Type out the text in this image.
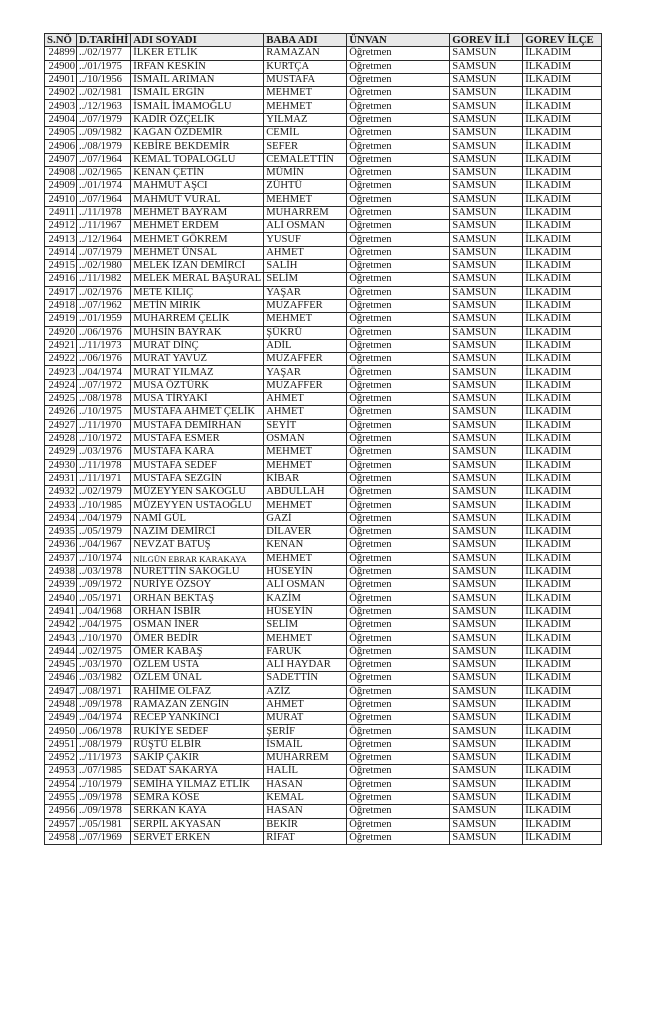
S.NÖ	D.TARİHİ	ADI SOYADI	BABA ADI	ÜNVAN	GOREV İLİ	GOREV İLÇE
24899	../02/1977	İLKER ETLİK	RAMAZAN	Öğretmen	SAMSUN	İLKADIM
24900	../01/1975	İRFAN KESKİN	KURTÇA	Öğretmen	SAMSUN	İLKADIM
24901	../10/1956	İSMAİL ARIMAN	MUSTAFA	Öğretmen	SAMSUN	İLKADIM
24902	../02/1981	İSMAİL ERGİN	MEHMET	Öğretmen	SAMSUN	İLKADIM
24903	../12/1963	İSMAİL İMAMOĞLU	MEHMET	Öğretmen	SAMSUN	İLKADIM
24904	../07/1979	KADİR ÖZÇELİK	YILMAZ	Öğretmen	SAMSUN	İLKADIM
24905	../09/1982	KAĞAN ÖZDEMİR	CEMİL	Öğretmen	SAMSUN	İLKADIM
24906	../08/1979	KEBİRE BEKDEMİR	SEFER	Öğretmen	SAMSUN	İLKADIM
24907	../07/1964	KEMAL TOPALOĞLU	CEMALETTİN	Öğretmen	SAMSUN	İLKADIM
24908	../02/1965	KENAN ÇETİN	MÜMİN	Öğretmen	SAMSUN	İLKADIM
24909	../01/1974	MAHMUT AŞCI	ZÜHTÜ	Öğretmen	SAMSUN	İLKADIM
24910	../07/1964	MAHMUT VURAL	MEHMET	Öğretmen	SAMSUN	İLKADIM
24911	../11/1978	MEHMET BAYRAM	MUHARREM	Öğretmen	SAMSUN	İLKADIM
24912	../11/1967	MEHMET ERDEM	ALİ OSMAN	Öğretmen	SAMSUN	İLKADIM
24913	../12/1964	MEHMET GÖKREM	YUSUF	Öğretmen	SAMSUN	İLKADIM
24914	../07/1979	MEHMET ÜNSAL	AHMET	Öğretmen	SAMSUN	İLKADIM
24915	../02/1980	MELEK İZAN DEMİRCİ	SALİH	Öğretmen	SAMSUN	İLKADIM
24916	../11/1982	MELEK MERAL BAŞURAL	SELİM	Öğretmen	SAMSUN	İLKADIM
24917	../02/1976	METE KILIÇ	YAŞAR	Öğretmen	SAMSUN	İLKADIM
24918	../07/1962	METİN MIRIK	MUZAFFER	Öğretmen	SAMSUN	İLKADIM
24919	../01/1959	MUHARREM ÇELİK	MEHMET	Öğretmen	SAMSUN	İLKADIM
24920	../06/1976	MUHSİN BAYRAK	ŞÜKRÜ	Öğretmen	SAMSUN	İLKADIM
24921	../11/1973	MURAT DİNÇ	ADİL	Öğretmen	SAMSUN	İLKADIM
24922	../06/1976	MURAT YAVUZ	MUZAFFER	Öğretmen	SAMSUN	İLKADIM
24923	../04/1974	MURAT YILMAZ	YAŞAR	Öğretmen	SAMSUN	İLKADIM
24924	../07/1972	MUSA ÖZTÜRK	MUZAFFER	Öğretmen	SAMSUN	İLKADIM
24925	../08/1978	MUSA TİRYAKİ	AHMET	Öğretmen	SAMSUN	İLKADIM
24926	../10/1975	MUSTAFA AHMET ÇELİK	AHMET	Öğretmen	SAMSUN	İLKADIM
24927	../11/1970	MUSTAFA DEMİRHAN	SEYİT	Öğretmen	SAMSUN	İLKADIM
24928	../10/1972	MUSTAFA ESMER	OSMAN	Öğretmen	SAMSUN	İLKADIM
24929	../03/1976	MUSTAFA KARA	MEHMET	Öğretmen	SAMSUN	İLKADIM
24930	../11/1978	MUSTAFA SEDEF	MEHMET	Öğretmen	SAMSUN	İLKADIM
24931	../11/1971	MUSTAFA SEZGİN	KİBAR	Öğretmen	SAMSUN	İLKADIM
24932	../02/1979	MÜZEYYEN SAKOĞLU	ABDULLAH	Öğretmen	SAMSUN	İLKADIM
24933	../10/1985	MÜZEYYEN USTAOĞLU	MEHMET	Öğretmen	SAMSUN	İLKADIM
24934	../04/1979	NAMİ GÜL	GAZİ	Öğretmen	SAMSUN	İLKADIM
24935	../05/1979	NAZIM DEMİRCİ	DİLAVER	Öğretmen	SAMSUN	İLKADIM
24936	../04/1967	NEVZAT BATUŞ	KENAN	Öğretmen	SAMSUN	İLKADIM
24937	../10/1974	NİLGÜN EBRAR KARAKAYA	MEHMET	Öğretmen	SAMSUN	İLKADIM
24938	../03/1978	NURETTİN SAKOĞLU	HÜSEYİN	Öğretmen	SAMSUN	İLKADIM
24939	../09/1972	NURİYE ÖZSOY	ALİ OSMAN	Öğretmen	SAMSUN	İLKADIM
24940	../05/1971	ORHAN BEKTAŞ	KAZİM	Öğretmen	SAMSUN	İLKADIM
24941	../04/1968	ORHAN İSBİR	HÜSEYİN	Öğretmen	SAMSUN	İLKADIM
24942	../04/1975	OSMAN İNER	SELİM	Öğretmen	SAMSUN	İLKADIM
24943	../10/1970	ÖMER BEDİR	MEHMET	Öğretmen	SAMSUN	İLKADIM
24944	../02/1975	ÖMER KABAŞ	FARUK	Öğretmen	SAMSUN	İLKADIM
24945	../03/1970	ÖZLEM USTA	ALİ HAYDAR	Öğretmen	SAMSUN	İLKADIM
24946	../03/1982	ÖZLEM ÜNAL	SADETTİN	Öğretmen	SAMSUN	İLKADIM
24947	../08/1971	RAHİME OLFAZ	AZİZ	Öğretmen	SAMSUN	İLKADIM
24948	../09/1978	RAMAZAN ZENGİN	AHMET	Öğretmen	SAMSUN	İLKADIM
24949	../04/1974	RECEP YANKINCI	MURAT	Öğretmen	SAMSUN	İLKADIM
24950	../06/1978	RUKİYE SEDEF	ŞERİF	Öğretmen	SAMSUN	İLKADIM
24951	../08/1979	RÜŞTÜ ELBİR	İSMAİL	Öğretmen	SAMSUN	İLKADIM
24952	../11/1973	SAKİP ÇAKIR	MUHARREM	Öğretmen	SAMSUN	İLKADIM
24953	../07/1985	SEDAT SAKARYA	HALİL	Öğretmen	SAMSUN	İLKADIM
24954	../10/1979	SEMİHA YILMAZ ETLİK	HASAN	Öğretmen	SAMSUN	İLKADIM
24955	../09/1978	SEMRA KÖSE	KEMAL	Öğretmen	SAMSUN	İLKADIM
24956	../09/1978	SERKAN KAYA	HASAN	Öğretmen	SAMSUN	İLKADIM
24957	../05/1981	SERPİL AKYASAN	BEKİR	Öğretmen	SAMSUN	İLKADIM
24958	../07/1969	SERVET ERKEN	RİFAT	Öğretmen	SAMSUN	İLKADIM
